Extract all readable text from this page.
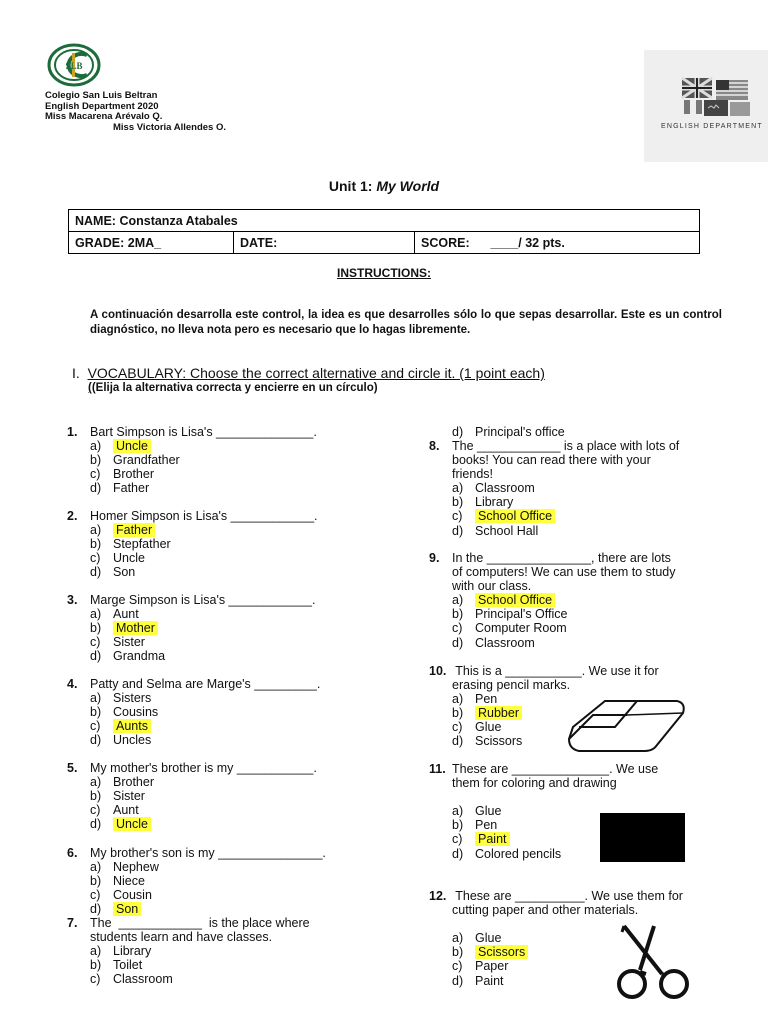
SLB
Colegio San Luis Beltran
English Department 2020
Miss Macarena Arévalo Q.
Miss Victoria Allendes O.	ENGLISH DEPARTMENT
Unit 1: My World
NAME: Constanza Atabales
GRADE: 2MA_	DATE:	SCORE:      ____/ 32 pts.
INSTRUCTIONS:
A continuación desarrolla este control, la idea es que desarrolles sólo lo que sepas desarrollar. Este es un control diagnóstico, no lleva nota pero es necesario que lo hagas libremente.
I. VOCABULARY: Choose the correct alternative and circle it. (1 point each)
((Elija la alternativa correcta y encierre en un círculo)
1. Bart Simpson is Lisa's ______________.
a) Uncle
b) Grandfather
c) Brother
d) Father
2. Homer Simpson is Lisa's ____________.
a) Father
b) Stepfather
c) Uncle
d) Son
3. Marge Simpson is Lisa's ____________.
a) Aunt
b) Mother
c) Sister
d) Grandma
4. Patty and Selma are Marge's _________.
a) Sisters
b) Cousins
c) Aunts
d) Uncles
5. My mother's brother is my ___________.
a) Brother
b) Sister
c) Aunt
d) Uncle
6. My brother's son is my _______________.
a) Nephew
b) Niece
c) Cousin
d) Son
7. The  ____________  is the place where
students learn and have classes.
a) Library
b) Toilet
c) Classroom
8. The ____________ is a place with lots of
books! You can read there with your
friends!
a) Classroom
b) Library
c) School Office
d) School Hall
9. In the _______________, there are lots
of computers! We can use them to study
with our class.
a) School Office
b) Principal's Office
c) Computer Room
d) Classroom
10. This is a ___________. We use it for
erasing pencil marks.
a) Pen
b) Rubber
c) Glue
d) Scissors
11. These are ______________. We use
them for coloring and drawing
a) Glue
b) Pen
c) Paint
d) Colored pencils
12. These are __________. We use them for
cutting paper and other materials.
a) Glue
b) Scissors
c) Paper
d) Paint
d) Principal's office
